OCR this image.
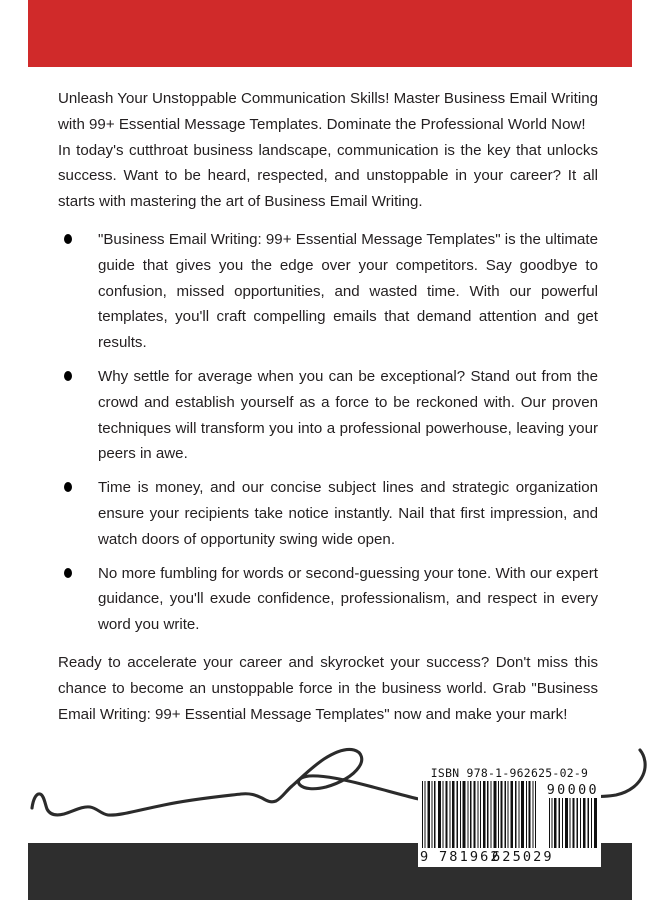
Unleash Your Unstoppable Communication Skills! Master Business Email Writing with 99+ Essential Message Templates. Dominate the Professional World Now!

In today's cutthroat business landscape, communication is the key that unlocks success. Want to be heard, respected, and unstoppable in your career? It all starts with mastering the art of Business Email Writing.

"Business Email Writing: 99+ Essential Message Templates" is the ultimate guide that gives you the edge over your competitors. Say goodbye to confusion, missed opportunities, and wasted time. With our powerful templates, you'll craft compelling emails that demand attention and get results.
Why settle for average when you can be exceptional? Stand out from the crowd and establish yourself as a force to be reckoned with. Our proven techniques will transform you into a professional powerhouse, leaving your peers in awe.
Time is money, and our concise subject lines and strategic organization ensure your recipients take notice instantly. Nail that first impression, and watch doors of opportunity swing wide open.
No more fumbling for words or second-guessing your tone. With our expert guidance, you'll exude confidence, professionalism, and respect in every word you write.

Ready to accelerate your career and skyrocket your success? Don't miss this chance to become an unstoppable force in the business world. Grab "Business Email Writing: 99+ Essential Message Templates" now and make your mark!

ISBN 978-1-962625-02-9
90000
9 781962
625029
